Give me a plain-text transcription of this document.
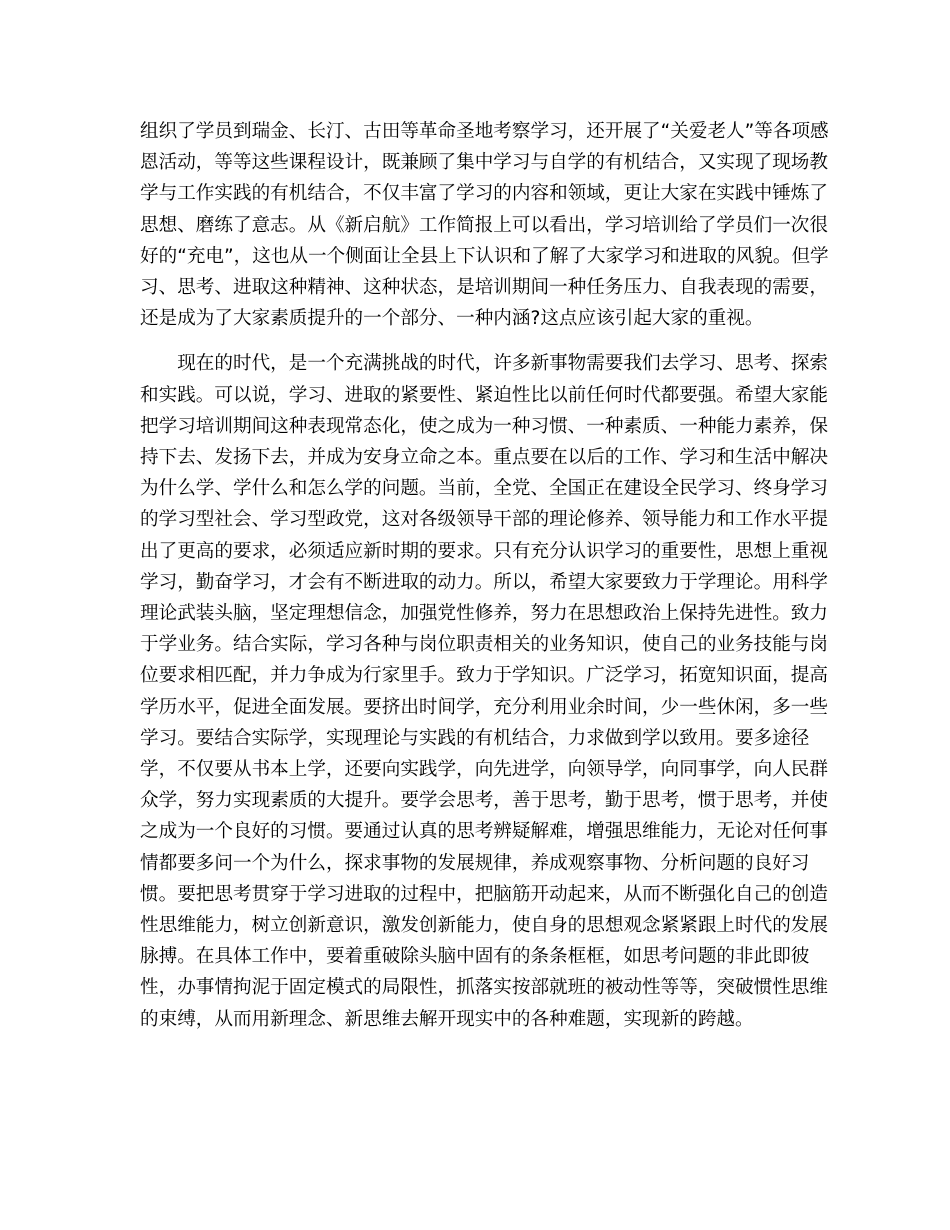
组织了学员到瑞金、长汀、古田等革命圣地考察学习，还开展了“关爱老人”等各项感恩活动，等等这些课程设计，既兼顾了集中学习与自学的有机结合，又实现了现场教学与工作实践的有机结合，不仅丰富了学习的内容和领域，更让大家在实践中锤炼了思想、磨练了意志。从《新启航》工作简报上可以看出，学习培训给了学员们一次很好的“充电”，这也从一个侧面让全县上下认识和了解了大家学习和进取的风貌。但学习、思考、进取这种精神、这种状态，是培训期间一种任务压力、自我表现的需要，还是成为了大家素质提升的一个部分、一种内涵?这点应该引起大家的重视。

现在的时代，是一个充满挑战的时代，许多新事物需要我们去学习、思考、探索和实践。可以说，学习、进取的紧要性、紧迫性比以前任何时代都要强。希望大家能把学习培训期间这种表现常态化，使之成为一种习惯、一种素质、一种能力素养，保持下去、发扬下去，并成为安身立命之本。重点要在以后的工作、学习和生活中解决为什么学、学什么和怎么学的问题。当前，全党、全国正在建设全民学习、终身学习的学习型社会、学习型政党，这对各级领导干部的理论修养、领导能力和工作水平提出了更高的要求，必须适应新时期的要求。只有充分认识学习的重要性，思想上重视学习，勤奋学习，才会有不断进取的动力。所以，希望大家要致力于学理论。用科学理论武装头脑，坚定理想信念，加强党性修养，努力在思想政治上保持先进性。致力于学业务。结合实际，学习各种与岗位职责相关的业务知识，使自己的业务技能与岗位要求相匹配，并力争成为行家里手。致力于学知识。广泛学习，拓宽知识面，提高学历水平，促进全面发展。要挤出时间学，充分利用业余时间，少一些休闲，多一些学习。要结合实际学，实现理论与实践的有机结合，力求做到学以致用。要多途径学，不仅要从书本上学，还要向实践学，向先进学，向领导学，向同事学，向人民群众学，努力实现素质的大提升。要学会思考，善于思考，勤于思考，惯于思考，并使之成为一个良好的习惯。要通过认真的思考辨疑解难，增强思维能力，无论对任何事情都要多问一个为什么，探求事物的发展规律，养成观察事物、分析问题的良好习惯。要把思考贯穿于学习进取的过程中，把脑筋开动起来，从而不断强化自己的创造性思维能力，树立创新意识，激发创新能力，使自身的思想观念紧紧跟上时代的发展脉搏。在具体工作中，要着重破除头脑中固有的条条框框，如思考问题的非此即彼性，办事情拘泥于固定模式的局限性，抓落实按部就班的被动性等等，突破惯性思维的束缚，从而用新理念、新思维去解开现实中的各种难题，实现新的跨越。
